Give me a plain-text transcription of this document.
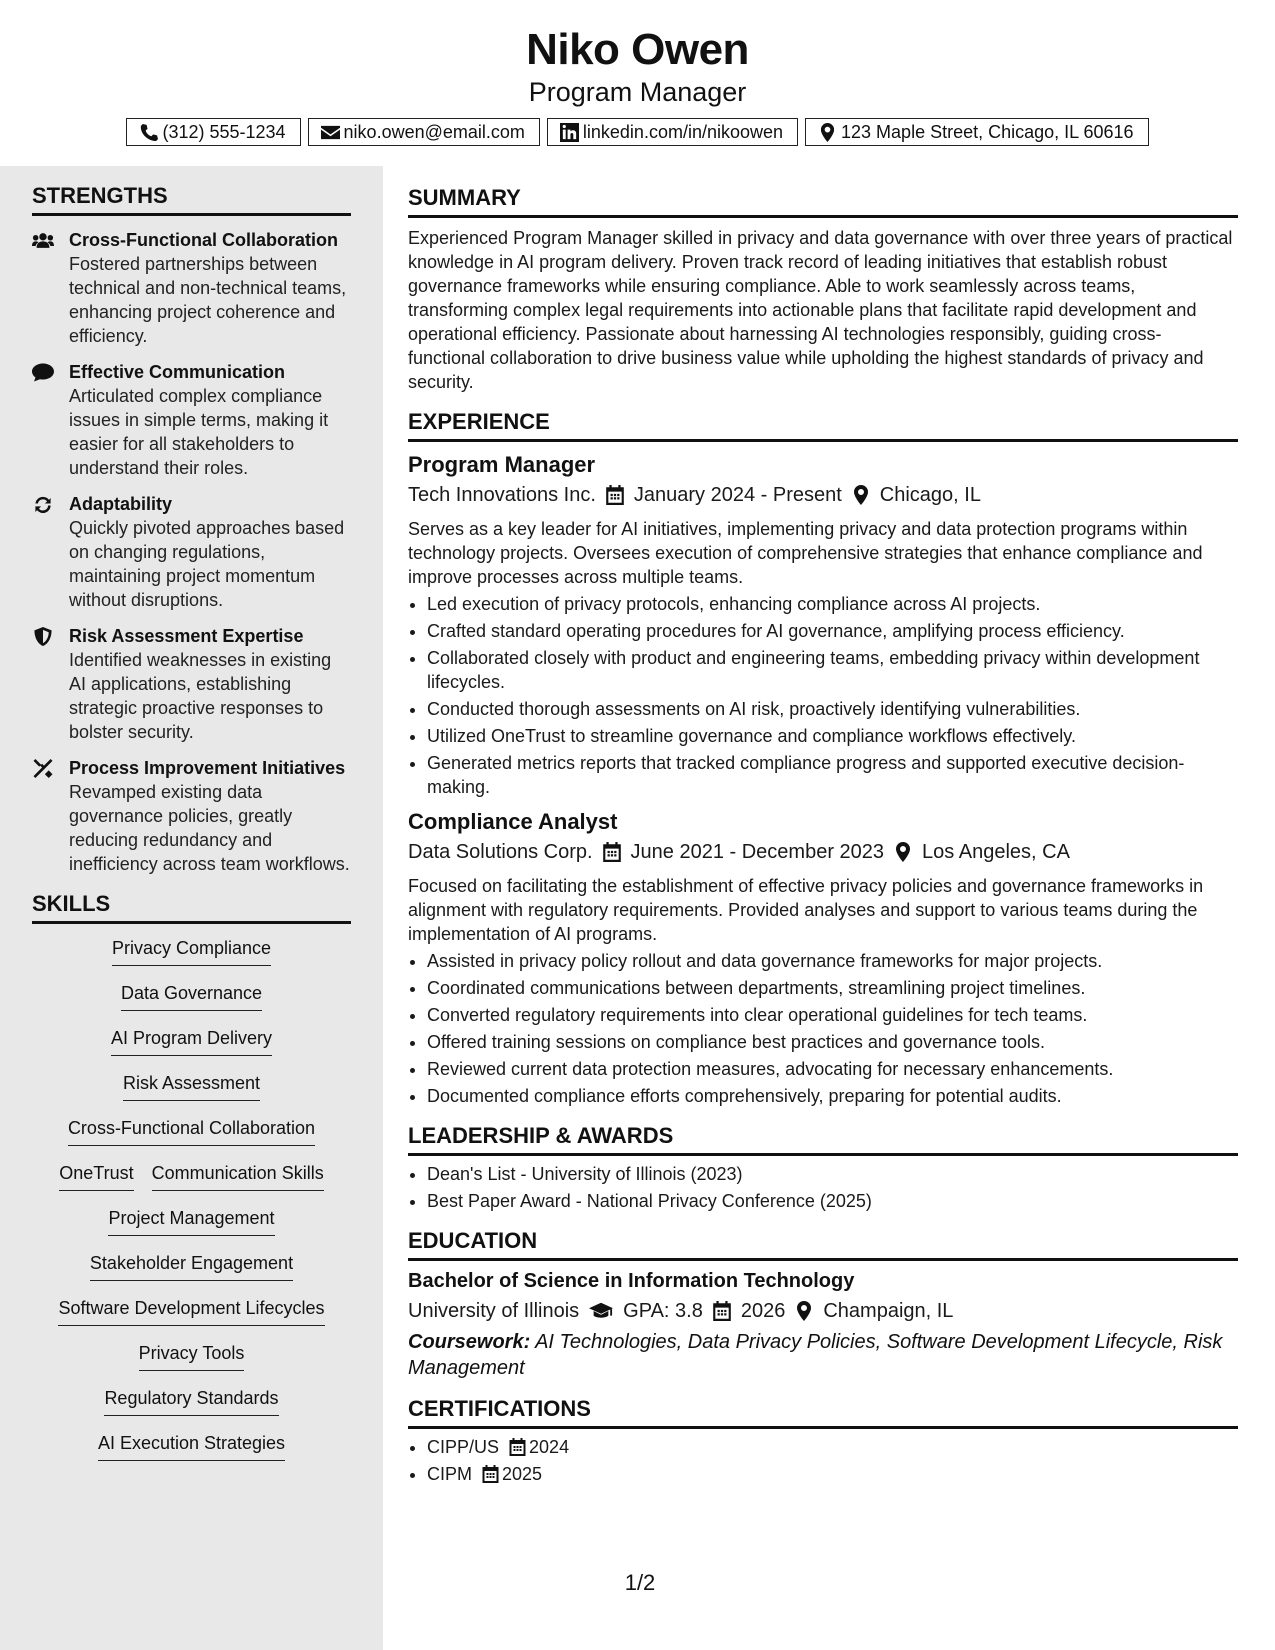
Niko Owen
Program Manager
(312) 555-1234	niko.owen@email.com	linkedin.com/in/nikoowen	123 Maple Street, Chicago, IL 60616
STRENGTHS
Cross-Functional Collaboration
Fostered partnerships between technical and non-technical teams, enhancing project coherence and efficiency.
Effective Communication
Articulated complex compliance issues in simple terms, making it easier for all stakeholders to understand their roles.
Adaptability
Quickly pivoted approaches based on changing regulations, maintaining project momentum without disruptions.
Risk Assessment Expertise
Identified weaknesses in existing AI applications, establishing strategic proactive responses to bolster security.
Process Improvement Initiatives
Revamped existing data governance policies, greatly reducing redundancy and inefficiency across team workflows.
SKILLS
Privacy Compliance
Data Governance
AI Program Delivery
Risk Assessment
Cross-Functional Collaboration
OneTrust Communication Skills
Project Management
Stakeholder Engagement
Software Development Lifecycles
Privacy Tools
Regulatory Standards
AI Execution Strategies
SUMMARY

Experienced Program Manager skilled in privacy and data governance with over three years of practical knowledge in AI program delivery. Proven track record of leading initiatives that establish robust governance frameworks while ensuring compliance. Able to work seamlessly across teams, transforming complex legal requirements into actionable plans that facilitate rapid development and operational efficiency. Passionate about harnessing AI technologies responsibly, guiding cross-functional collaboration to drive business value while upholding the highest standards of privacy and security.

EXPERIENCE
Program Manager
Tech Innovations Inc. January 2024 - Present Chicago, IL

Serves as a key leader for AI initiatives, implementing privacy and data protection programs within technology projects. Oversees execution of comprehensive strategies that enhance compliance and improve processes across multiple teams.

• Led execution of privacy protocols, enhancing compliance across AI projects.
• Crafted standard operating procedures for AI governance, amplifying process efficiency.
• Collaborated closely with product and engineering teams, embedding privacy within development lifecycles.
• Conducted thorough assessments on AI risk, proactively identifying vulnerabilities.
• Utilized OneTrust to streamline governance and compliance workflows effectively.
• Generated metrics reports that tracked compliance progress and supported executive decision-making.
Compliance Analyst
Data Solutions Corp. June 2021 - December 2023 Los Angeles, CA

Focused on facilitating the establishment of effective privacy policies and governance frameworks in alignment with regulatory requirements. Provided analyses and support to various teams during the implementation of AI programs.

• Assisted in privacy policy rollout and data governance frameworks for major projects.
• Coordinated communications between departments, streamlining project timelines.
• Converted regulatory requirements into clear operational guidelines for tech teams.
• Offered training sessions on compliance best practices and governance tools.
• Reviewed current data protection measures, advocating for necessary enhancements.
• Documented compliance efforts comprehensively, preparing for potential audits.
LEADERSHIP & AWARDS
• Dean's List - University of Illinois (2023)
• Best Paper Award - National Privacy Conference (2025)
EDUCATION
Bachelor of Science in Information Technology
University of Illinois GPA: 3.8 2026 Champaign, IL
Coursework: AI Technologies, Data Privacy Policies, Software Development Lifecycle, Risk Management
CERTIFICATIONS
• CIPP/US 2024
• CIPM 2025
1/2
